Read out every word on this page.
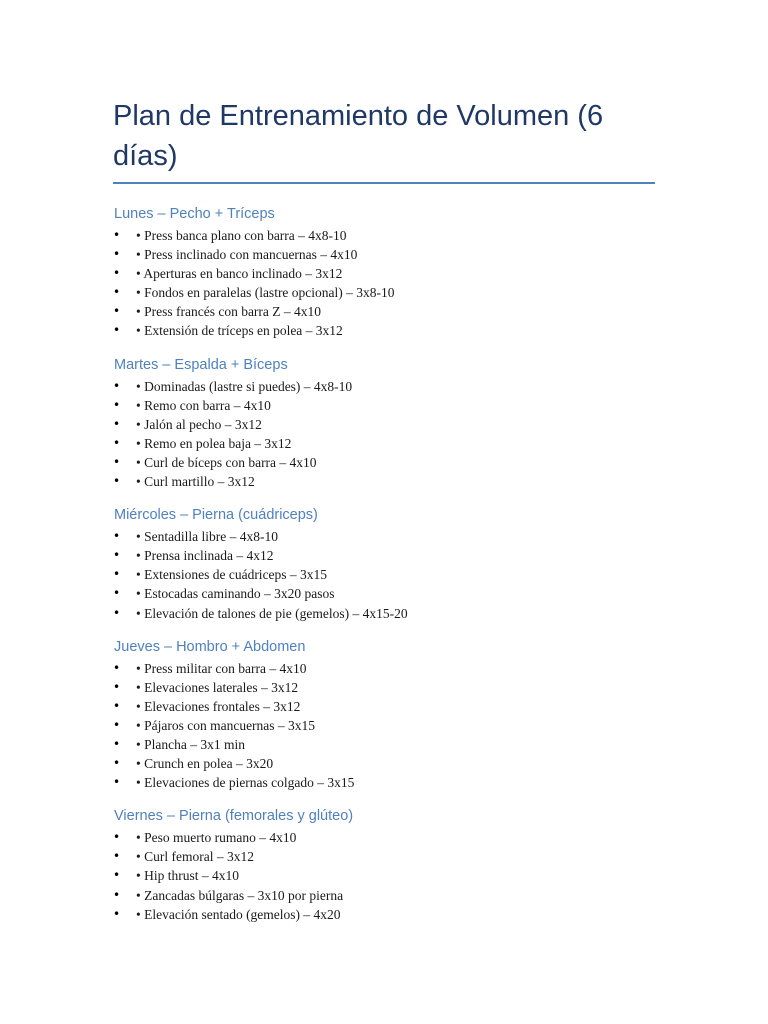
Plan de Entrenamiento de Volumen (6 días)
Lunes – Pecho + Tríceps
• • Press banca plano con barra – 4x8-10
• • Press inclinado con mancuernas – 4x10
• • Aperturas en banco inclinado – 3x12
• • Fondos en paralelas (lastre opcional) – 3x8-10
• • Press francés con barra Z – 4x10
• • Extensión de tríceps en polea – 3x12
Martes – Espalda + Bíceps
• • Dominadas (lastre si puedes) – 4x8-10
• • Remo con barra – 4x10
• • Jalón al pecho – 3x12
• • Remo en polea baja – 3x12
• • Curl de bíceps con barra – 4x10
• • Curl martillo – 3x12
Miércoles – Pierna (cuádriceps)
• • Sentadilla libre – 4x8-10
• • Prensa inclinada – 4x12
• • Extensiones de cuádriceps – 3x15
• • Estocadas caminando – 3x20 pasos
• • Elevación de talones de pie (gemelos) – 4x15-20
Jueves – Hombro + Abdomen
• • Press militar con barra – 4x10
• • Elevaciones laterales – 3x12
• • Elevaciones frontales – 3x12
• • Pájaros con mancuernas – 3x15
• • Plancha – 3x1 min
• • Crunch en polea – 3x20
• • Elevaciones de piernas colgado – 3x15
Viernes – Pierna (femorales y glúteo)
• • Peso muerto rumano – 4x10
• • Curl femoral – 3x12
• • Hip thrust – 4x10
• • Zancadas búlgaras – 3x10 por pierna
• • Elevación sentado (gemelos) – 4x20
